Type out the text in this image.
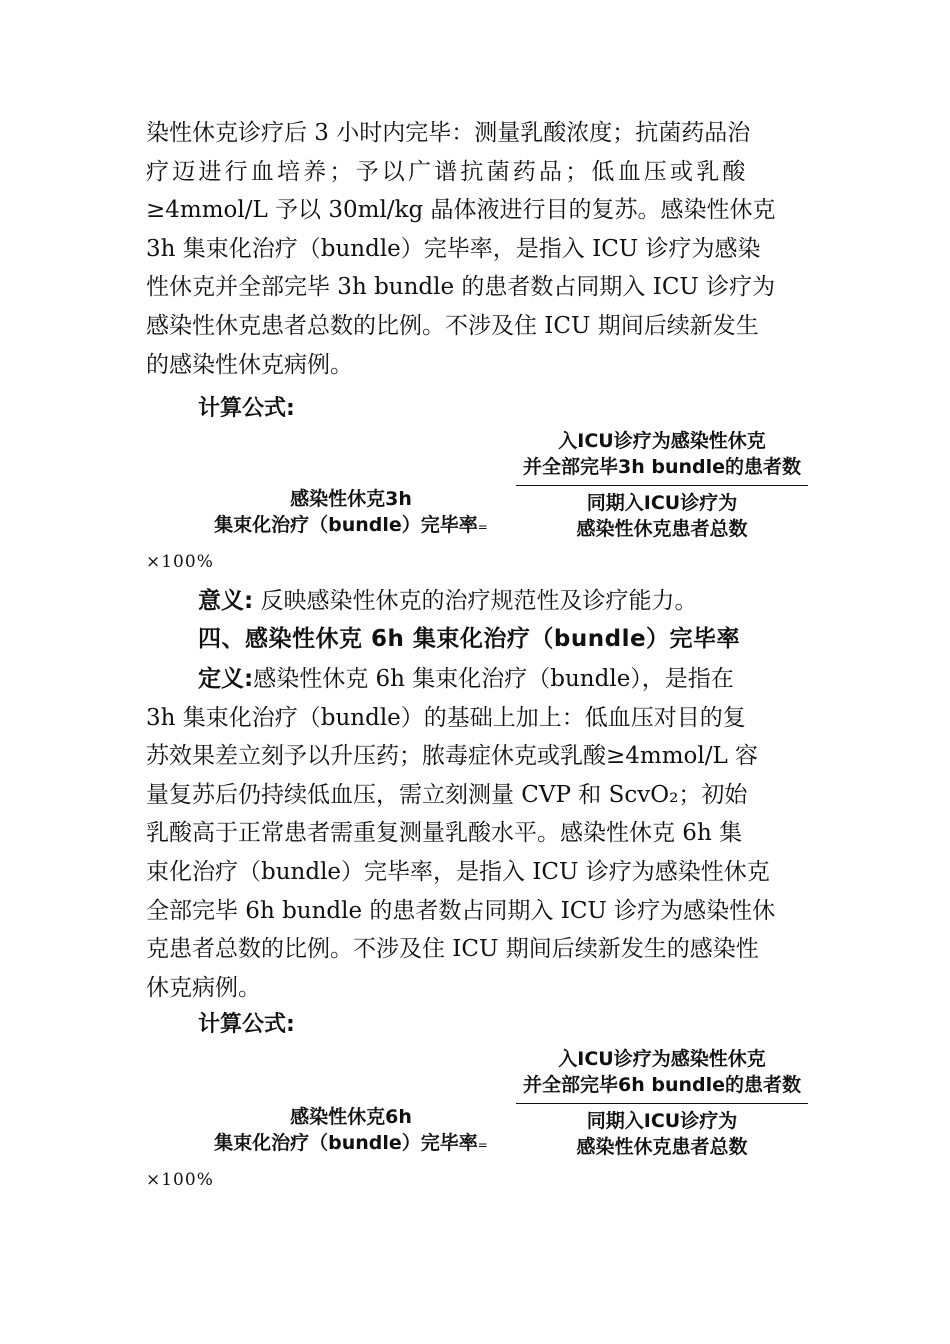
染性休克诊疗后 3 小时内完毕：测量乳酸浓度；抗菌药品治
疗迈进行血培养；予以广谱抗菌药品；低血压或乳酸
≥4mmol/L 予以 30ml/kg 晶体液进行目的复苏。感染性休克
3h 集束化治疗（bundle）完毕率，是指入 ICU 诊疗为感染
性休克并全部完毕 3h bundle 的患者数占同期入 ICU 诊疗为
感染性休克患者总数的比例。不涉及住 ICU 期间后续新发生
的感染性休克病例。

计算公式:

入ICU诊疗为感染性休克
并全部完毕3h bundle的患者数
同期入ICU诊疗为
感染性休克患者总数
感染性休克3h
集束化治疗（bundle）完毕率=
×100%

意义: 反映感染性休克的治疗规范性及诊疗能力。

四、感染性休克 6h 集束化治疗（bundle）完毕率

定义:感染性休克 6h 集束化治疗（bundle），是指在
3h 集束化治疗（bundle）的基础上加上：低血压对目的复
苏效果差立刻予以升压药；脓毒症休克或乳酸≥4mmol/L 容
量复苏后仍持续低血压，需立刻测量 CVP 和 ScvO₂；初始
乳酸高于正常患者需重复测量乳酸水平。感染性休克 6h 集
束化治疗（bundle）完毕率，是指入 ICU 诊疗为感染性休克
全部完毕 6h bundle 的患者数占同期入 ICU 诊疗为感染性休
克患者总数的比例。不涉及住 ICU 期间后续新发生的感染性
休克病例。

计算公式:

入ICU诊疗为感染性休克
并全部完毕6h bundle的患者数
同期入ICU诊疗为
感染性休克患者总数
感染性休克6h
集束化治疗（bundle）完毕率=
×100%
